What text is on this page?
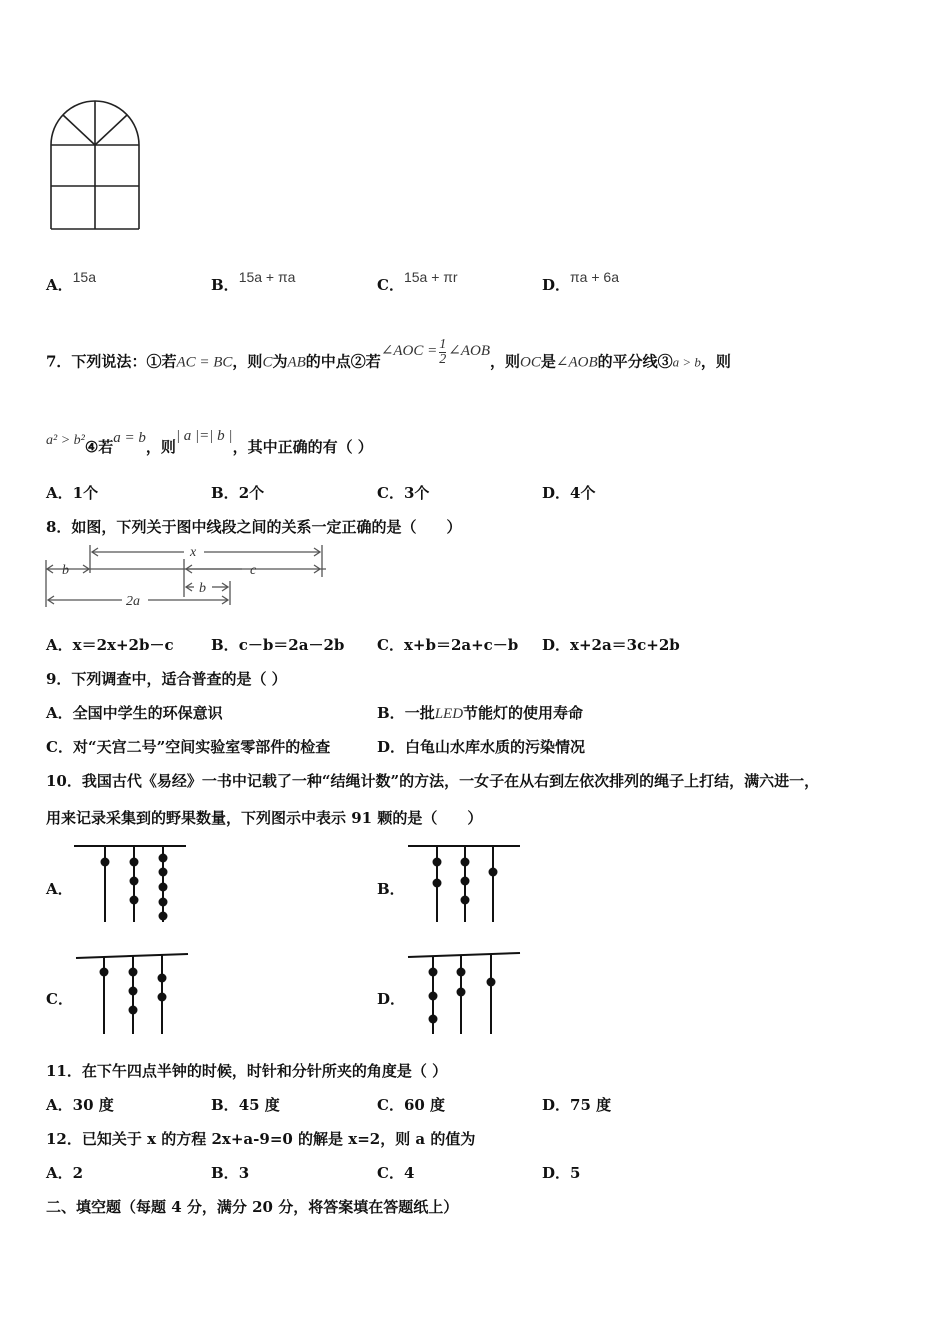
A．15a	B．15a + πa	C．15a + πr	D．πa + 6a
7．下列说法：①若AC = BC，则C为AB的中点②若∠AOC = $\frac{1}{2}$ ∠AOB，则OC是∠AOB的平分线③a > b，则
a² > b²④若a = b，则| a |=| b |，其中正确的有（ ）
A．1个	B．2个	C．3个	D．4个
8．如图，下列关于图中线段之间的关系一定正确的是（　　）
x
b	c
b
2a
A．x＝2x+2b－c B．c－b＝2a－2b C．x+b＝2a+c－b D．x+2a＝3c+2b
9．下列调查中，适合普查的是（ ）
A．全国中学生的环保意识	B．一批LED节能灯的使用寿命
C．对“天宫二号”空间实验室零部件的检查	D．白龟山水库水质的污染情况
10．我国古代《易经》一书中记载了一种“结绳计数”的方法，一女子在从右到左依次排列的绳子上打结，满六进一，
用来记录采集到的野果数量，下列图示中表示 91 颗的是（　　）
A．	B．
C．	D．
11．在下午四点半钟的时候，时针和分针所夹的角度是（ ）
A．30 度	B．45 度	C．60 度	D．75 度
12．已知关于 x 的方程 2x+a-9=0 的解是 x=2，则 a 的值为
A．2	B．3	C．4	D．5
二、填空题（每题 4 分，满分 20 分，将答案填在答题纸上）
